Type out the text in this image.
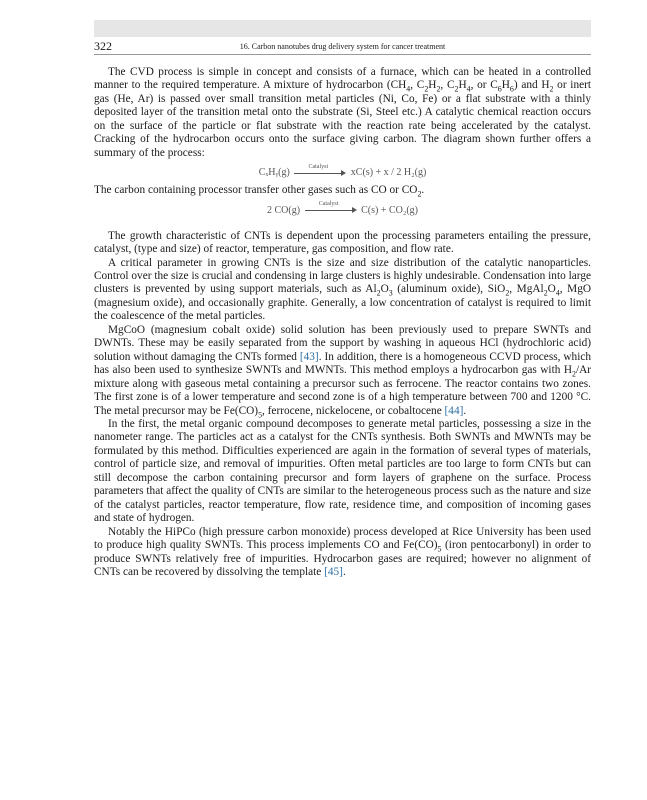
322	16. Carbon nanotubes drug delivery system for cancer treatment

The CVD process is simple in concept and consists of a furnace, which can be heated in a controlled manner to the required temperature. A mixture of hydrocarbon ($CH_4$, $C_2H_2$, $C_2H_4$, or $C_6H_6$) and $H_2$ or inert gas (He, Ar) is passed over small transition metal particles (Ni, Co, Fe) or a flat substrate with a thinly deposited layer of the transition metal onto the substrate (Si, Steel etc.) A catalytic chemical reaction occurs on the surface of the particle or flat substrate with the reaction rate being accelerated by the catalyst. Cracking of the hydrocarbon occurs onto the surface giving carbon. The diagram shown further offers a summary of the process:

CₓHᵧ(g)
Catalyst
xC(s) + x / 2 H₂(g)

The carbon containing processor transfer other gases such as CO or $CO_2$.

2 CO(g)
Catalyst
C(s) + CO₂(g)

The growth characteristic of CNTs is dependent upon the processing parameters entailing the pressure, catalyst, (type and size) of reactor, temperature, gas composition, and flow rate.

A critical parameter in growing CNTs is the size and size distribution of the catalytic nanoparticles. Control over the size is crucial and condensing in large clusters is highly undesirable. Condensation into large clusters is prevented by using support materials, such as $Al_2O_3$ (aluminum oxide), SiO$_2$, $MgAl_2O_4$, MgO (magnesium oxide), and occasionally graphite. Generally, a low concentration of catalyst is required to limit the coalescence of the metal particles.

MgCoO (magnesium cobalt oxide) solid solution has been previously used to prepare SWNTs and DWNTs. These may be easily separated from the support by washing in aqueous HCl (hydrochloric acid) solution without damaging the CNTs formed [43]. In addition, there is a homogeneous CCVD process, which has also been used to synthesize SWNTs and MWNTs. This method employs a hydrocarbon gas with $H_2/Ar$ mixture along with gaseous metal containing a precursor such as ferrocene. The reactor contains two zones. The first zone is of a lower temperature and second zone is of a high temperature between 700 and 1200 °C. The metal precursor may be $Fe(CO)_5$, ferrocene, nickelocene, or cobaltocene [44].

In the first, the metal organic compound decomposes to generate metal particles, possessing a size in the nanometer range. The particles act as a catalyst for the CNTs synthesis. Both SWNTs and MWNTs may be formulated by this method. Difficulties experienced are again in the formation of several types of materials, control of particle size, and removal of impurities. Often metal particles are too large to form CNTs but can still decompose the carbon containing precursor and form layers of graphene on the surface. Process parameters that affect the quality of CNTs are similar to the heterogeneous process such as the nature and size of the catalyst particles, reactor temperature, flow rate, residence time, and composition of incoming gases and state of hydrogen.

Notably the HiPCo (high pressure carbon monoxide) process developed at Rice University has been used to produce high quality SWNTs. This process implements CO and $Fe(CO)_5$ (iron pentocarbonyl) in order to produce SWNTs relatively free of impurities. Hydrocarbon gases are required; however no alignment of CNTs can be recovered by dissolving the template [45].
